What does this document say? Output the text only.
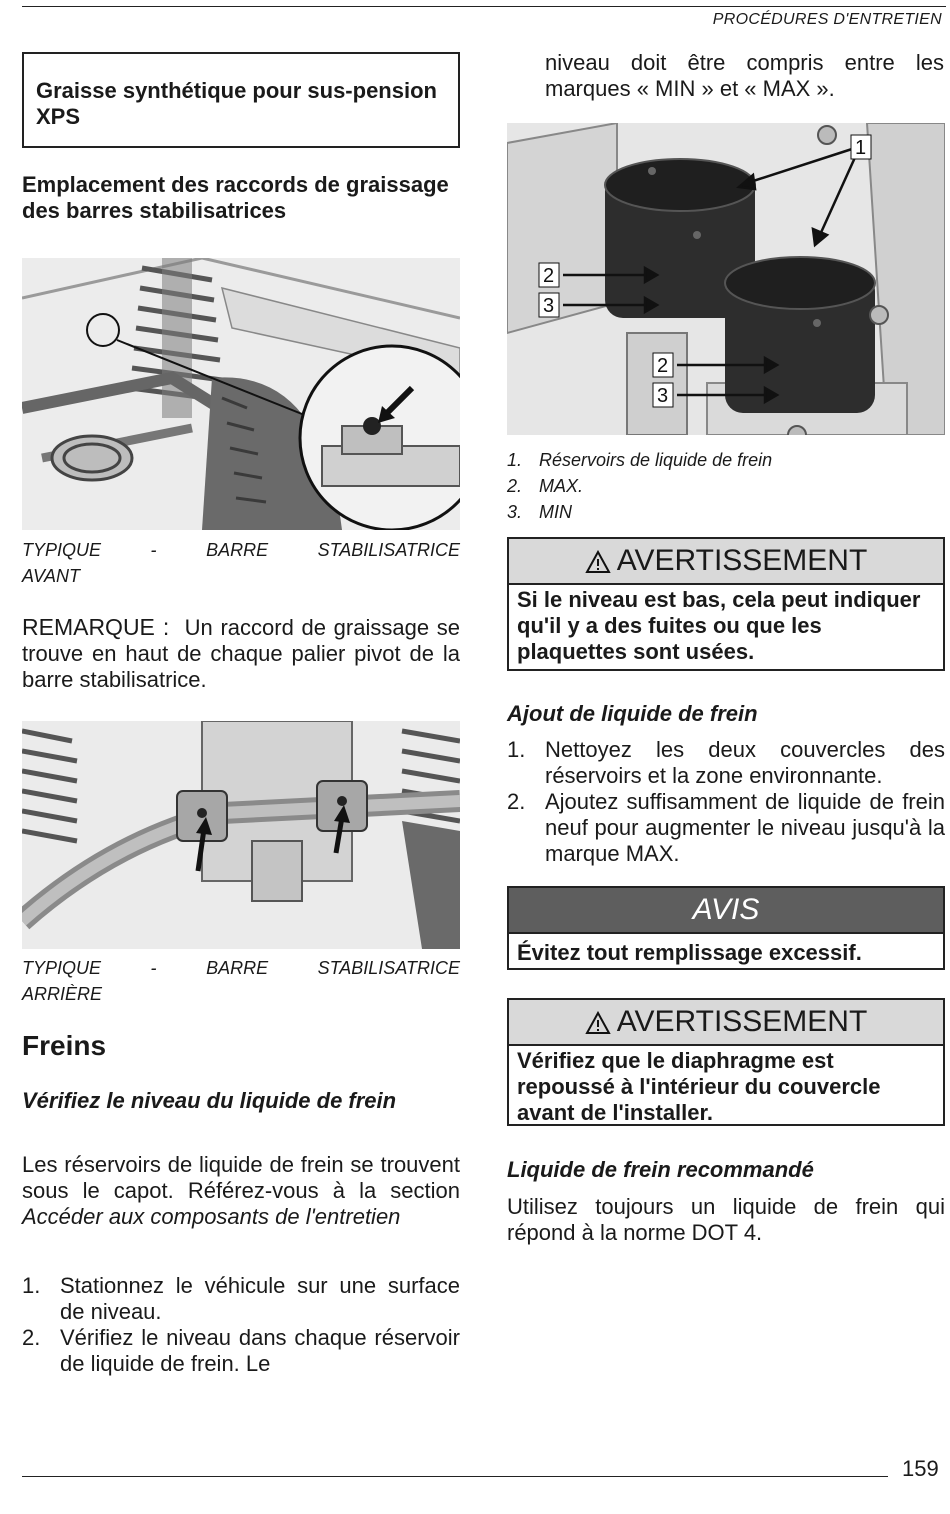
PROCÉDURES D'ENTRETIEN
159
Graisse synthétique pour sus-pension XPS
Emplacement des raccords de graissage des barres stabilisatrices
TYPIQUE - BARRE STABILISATRICE
AVANT

REMARQUE : Un raccord de graissage se trouve en haut de chaque palier pivot de la barre stabilisatrice.

TYPIQUE - BARRE STABILISATRICE
ARRIÈRE
Freins
Vérifiez le niveau du liquide de frein

Les réservoirs de liquide de frein se trouvent sous le capot. Référez-vous à la section Accéder aux composants de l'entretien

1. Stationnez le véhicule sur une surface de niveau.
2. Vérifiez le niveau dans chaque réservoir de liquide de frein. Le

niveau doit être compris entre les marques « MIN » et « MAX ».

1
2
3
2
3
1. Réservoirs de liquide de frein
2. MAX.
3. MIN
AVERTISSEMENT
Si le niveau est bas, cela peut indiquer qu'il y a des fuites ou que les plaquettes sont usées.
Ajout de liquide de frein
1. Nettoyez les deux couvercles des réservoirs et la zone environnante.
2. Ajoutez suffisamment de liquide de frein neuf pour augmenter le niveau jusqu'à la marque MAX.
AVIS
Évitez tout remplissage excessif.
AVERTISSEMENT
Vérifiez que le diaphragme est repoussé à l'intérieur du couvercle avant de l'installer.
Liquide de frein recommandé

Utilisez toujours un liquide de frein qui répond à la norme DOT 4.
